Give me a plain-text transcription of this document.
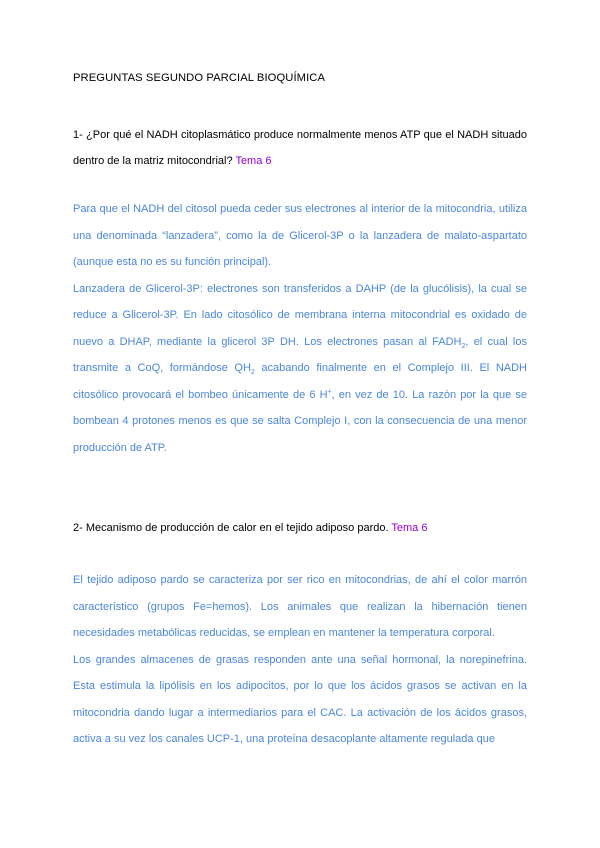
PREGUNTAS SEGUNDO PARCIAL BIOQUÍMICA

1- ¿Por qué el NADH citoplasmático produce normalmente menos ATP que el NADH situado dentro de la matriz mitocondrial? Tema 6

Para que el NADH del citosol pueda ceder sus electrones al interior de la mitocondria, utiliza una denominada “lanzadera”, como la de Glicerol-3P o la lanzadera de malato-aspartato (aunque esta no es su función principal).

Lanzadera de Glicerol-3P: electrones son transferidos a DAHP (de la glucólisis), la cual se reduce a Glicerol-3P. En lado citosólico de membrana interna mitocondrial es oxidado de nuevo a DHAP, mediante la glicerol 3P DH. Los electrones pasan al $FADH_2$, el cual los transmite a CoQ, formándose $QH_2$ acabando finalmente en el Complejo III. El NADH citosólico provocará el bombeo únicamente de 6 H+, en vez de 10. La razón por la que se bombean 4 protones menos es que se salta Complejo I, con la consecuencia de una menor producción de ATP.

2- Mecanismo de producción de calor en el tejido adiposo pardo. Tema 6

El tejido adiposo pardo se caracteriza por ser rico en mitocondrias, de ahí el color marrón característico (grupos Fe=hemos). Los animales que realizan la hibernación tienen necesidades metabólicas reducidas, se emplean en mantener la temperatura corporal.

Los grandes almacenes de grasas responden ante una señal hormonal, la norepinefrina. Esta estimula la lipólisis en los adipocitos, por lo que los ácidos grasos se activan en la mitocondria dando lugar a intermediarios para el CAC. La activación de los ácidos grasos, activa a su vez los canales UCP-1, una proteína desacoplante altamente regulada que
